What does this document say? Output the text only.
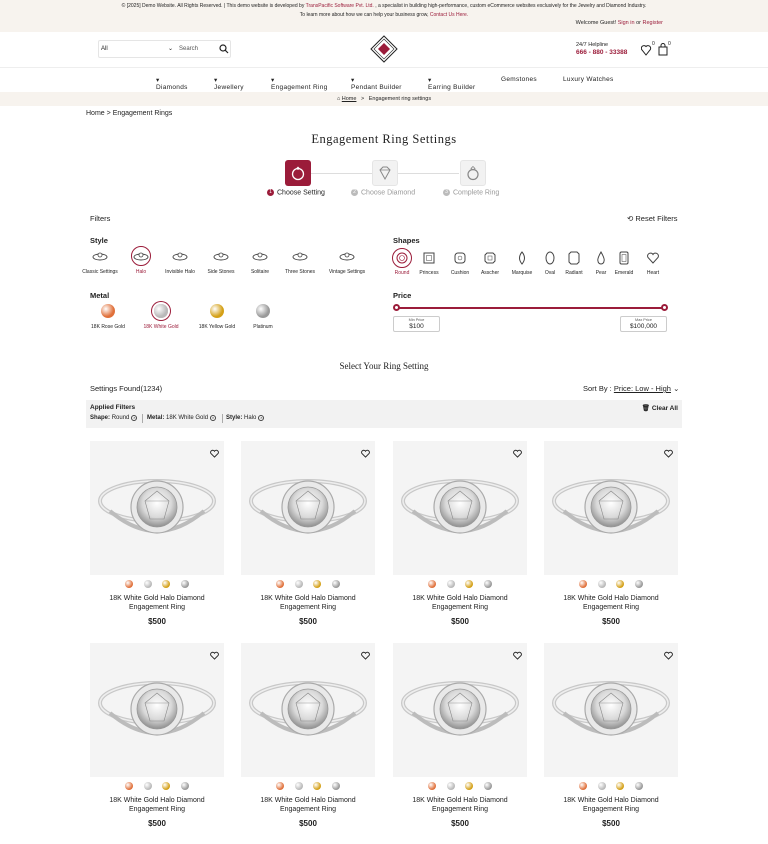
© [2025] Demo Website. All Rights Reserved. | This demo website is developed by TransPacific Software Pvt. Ltd. , a specialist in building high-performance, custom eCommerce websites exclusively for the Jewelry and Diamond Industry.
To learn more about how we can help your business grow, Contact Us Here.
Welcome Guest! Sign in or Register
All	⌄ Search
24/7 Helpline
666 - 880 - 33388
0	0
Diamonds
▾
Jewellery
▾
Engagement Ring
▾
Pendant Builder
▾
Earring Builder
▾	Gemstones	Luxury Watches
⌂ Home > Engagement ring settings
Home > Engagement Rings
Engagement Ring Settings
1 Choose Setting	2 Choose Diamond	3 Complete Ring
Filters	⟲ Reset Filters
Style
Classic Settings	Halo	Invisible Halo	Side Stones	Solitaire	Three Stones	Vintage Settings
Shapes
Round	Princess	Cushion	Asscher	Marquise	Oval	Radiant	Pear	Emerald	Heart
Metal
18K Rose Gold	18K White Gold	18K Yellow Gold	Platinum
Price
Min Price
$100
Max Price
$100,000
Select Your Ring Setting
Settings Found(1234)	Sort By : Price: Low - High ⌄
Applied Filters	🗑 Clear All
Shape: Round ×	Metal: 18K White Gold ×	Style: Halo ×
18K White Gold Halo Diamond Engagement Ring
$500
18K White Gold Halo Diamond Engagement Ring
$500
18K White Gold Halo Diamond Engagement Ring
$500
18K White Gold Halo Diamond Engagement Ring
$500
18K White Gold Halo Diamond Engagement Ring
$500
18K White Gold Halo Diamond Engagement Ring
$500
18K White Gold Halo Diamond Engagement Ring
$500
18K White Gold Halo Diamond Engagement Ring
$500
